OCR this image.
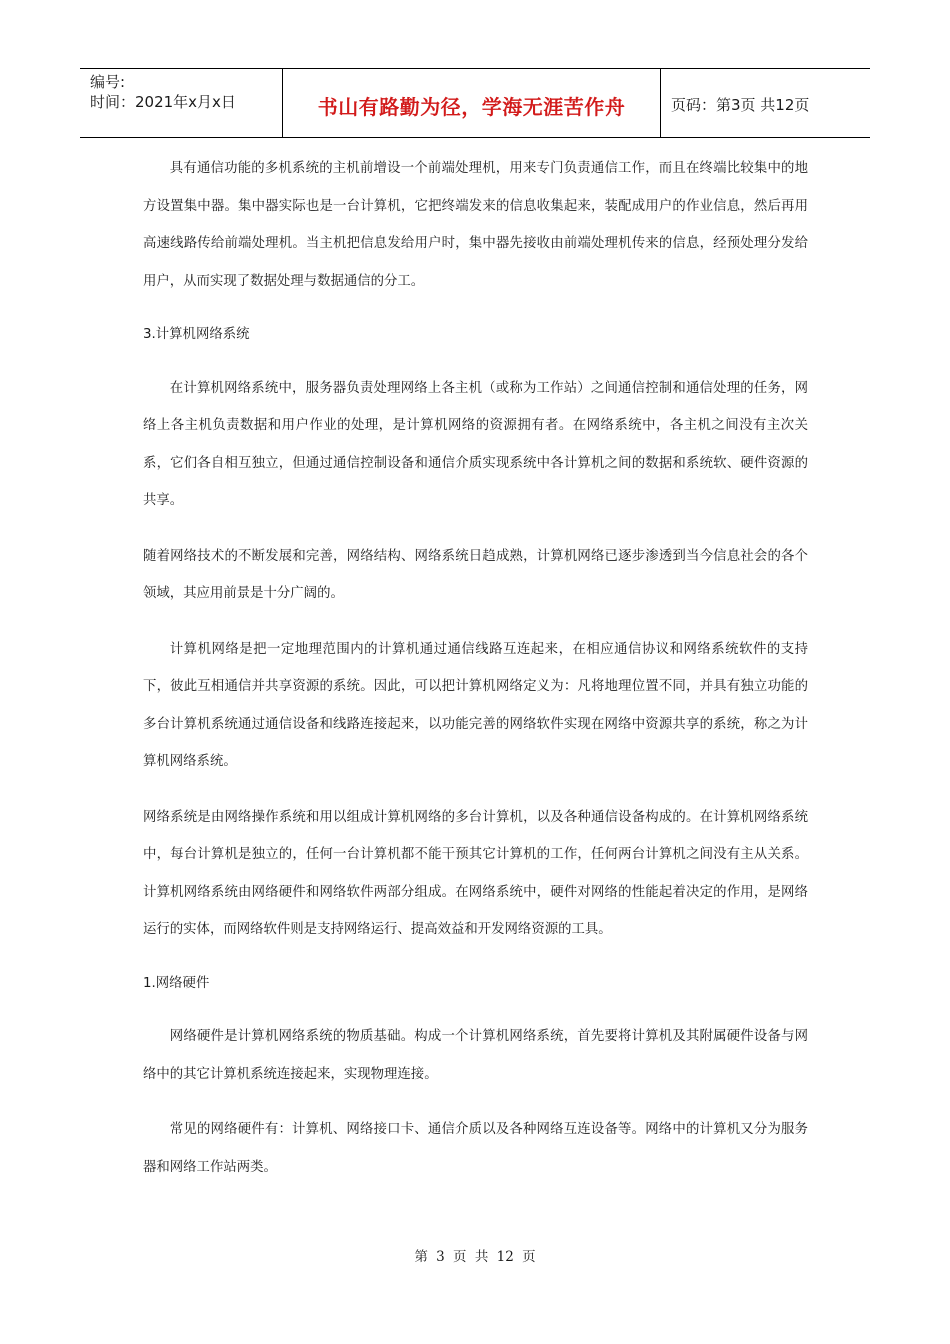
编号:
时间：2021年x月x日	书山有路勤为径，学海无涯苦作舟	页码：第3页 共12页

具有通信功能的多机系统的主机前增设一个前端处理机，用来专门负责通信工作，而且在终端比较集中的地方设置集中器。集中器实际也是一台计算机，它把终端发来的信息收集起来，装配成用户的作业信息，然后再用高速线路传给前端处理机。当主机把信息发给用户时，集中器先接收由前端处理机传来的信息，经预处理分发给用户，从而实现了数据处理与数据通信的分工。

3.计算机网络系统

在计算机网络系统中，服务器负责处理网络上各主机（或称为工作站）之间通信控制和通信处理的任务，网络上各主机负责数据和用户作业的处理，是计算机网络的资源拥有者。在网络系统中，各主机之间没有主次关系，它们各自相互独立，但通过通信控制设备和通信介质实现系统中各计算机之间的数据和系统软、硬件资源的共享。

随着网络技术的不断发展和完善，网络结构、网络系统日趋成熟，计算机网络已逐步渗透到当今信息社会的各个领域，其应用前景是十分广阔的。

计算机网络是把一定地理范围内的计算机通过通信线路互连起来，在相应通信协议和网络系统软件的支持下，彼此互相通信并共享资源的系统。因此，可以把计算机网络定义为：凡将地理位置不同，并具有独立功能的多台计算机系统通过通信设备和线路连接起来，以功能完善的网络软件实现在网络中资源共享的系统，称之为计算机网络系统。

网络系统是由网络操作系统和用以组成计算机网络的多台计算机，以及各种通信设备构成的。在计算机网络系统中，每台计算机是独立的，任何一台计算机都不能干预其它计算机的工作，任何两台计算机之间没有主从关系。计算机网络系统由网络硬件和网络软件两部分组成。在网络系统中，硬件对网络的性能起着决定的作用，是网络运行的实体，而网络软件则是支持网络运行、提高效益和开发网络资源的工具。

1.网络硬件

网络硬件是计算机网络系统的物质基础。构成一个计算机网络系统，首先要将计算机及其附属硬件设备与网络中的其它计算机系统连接起来，实现物理连接。

常见的网络硬件有：计算机、网络接口卡、通信介质以及各种网络互连设备等。网络中的计算机又分为服务器和网络工作站两类。

第 3 页 共 12 页
